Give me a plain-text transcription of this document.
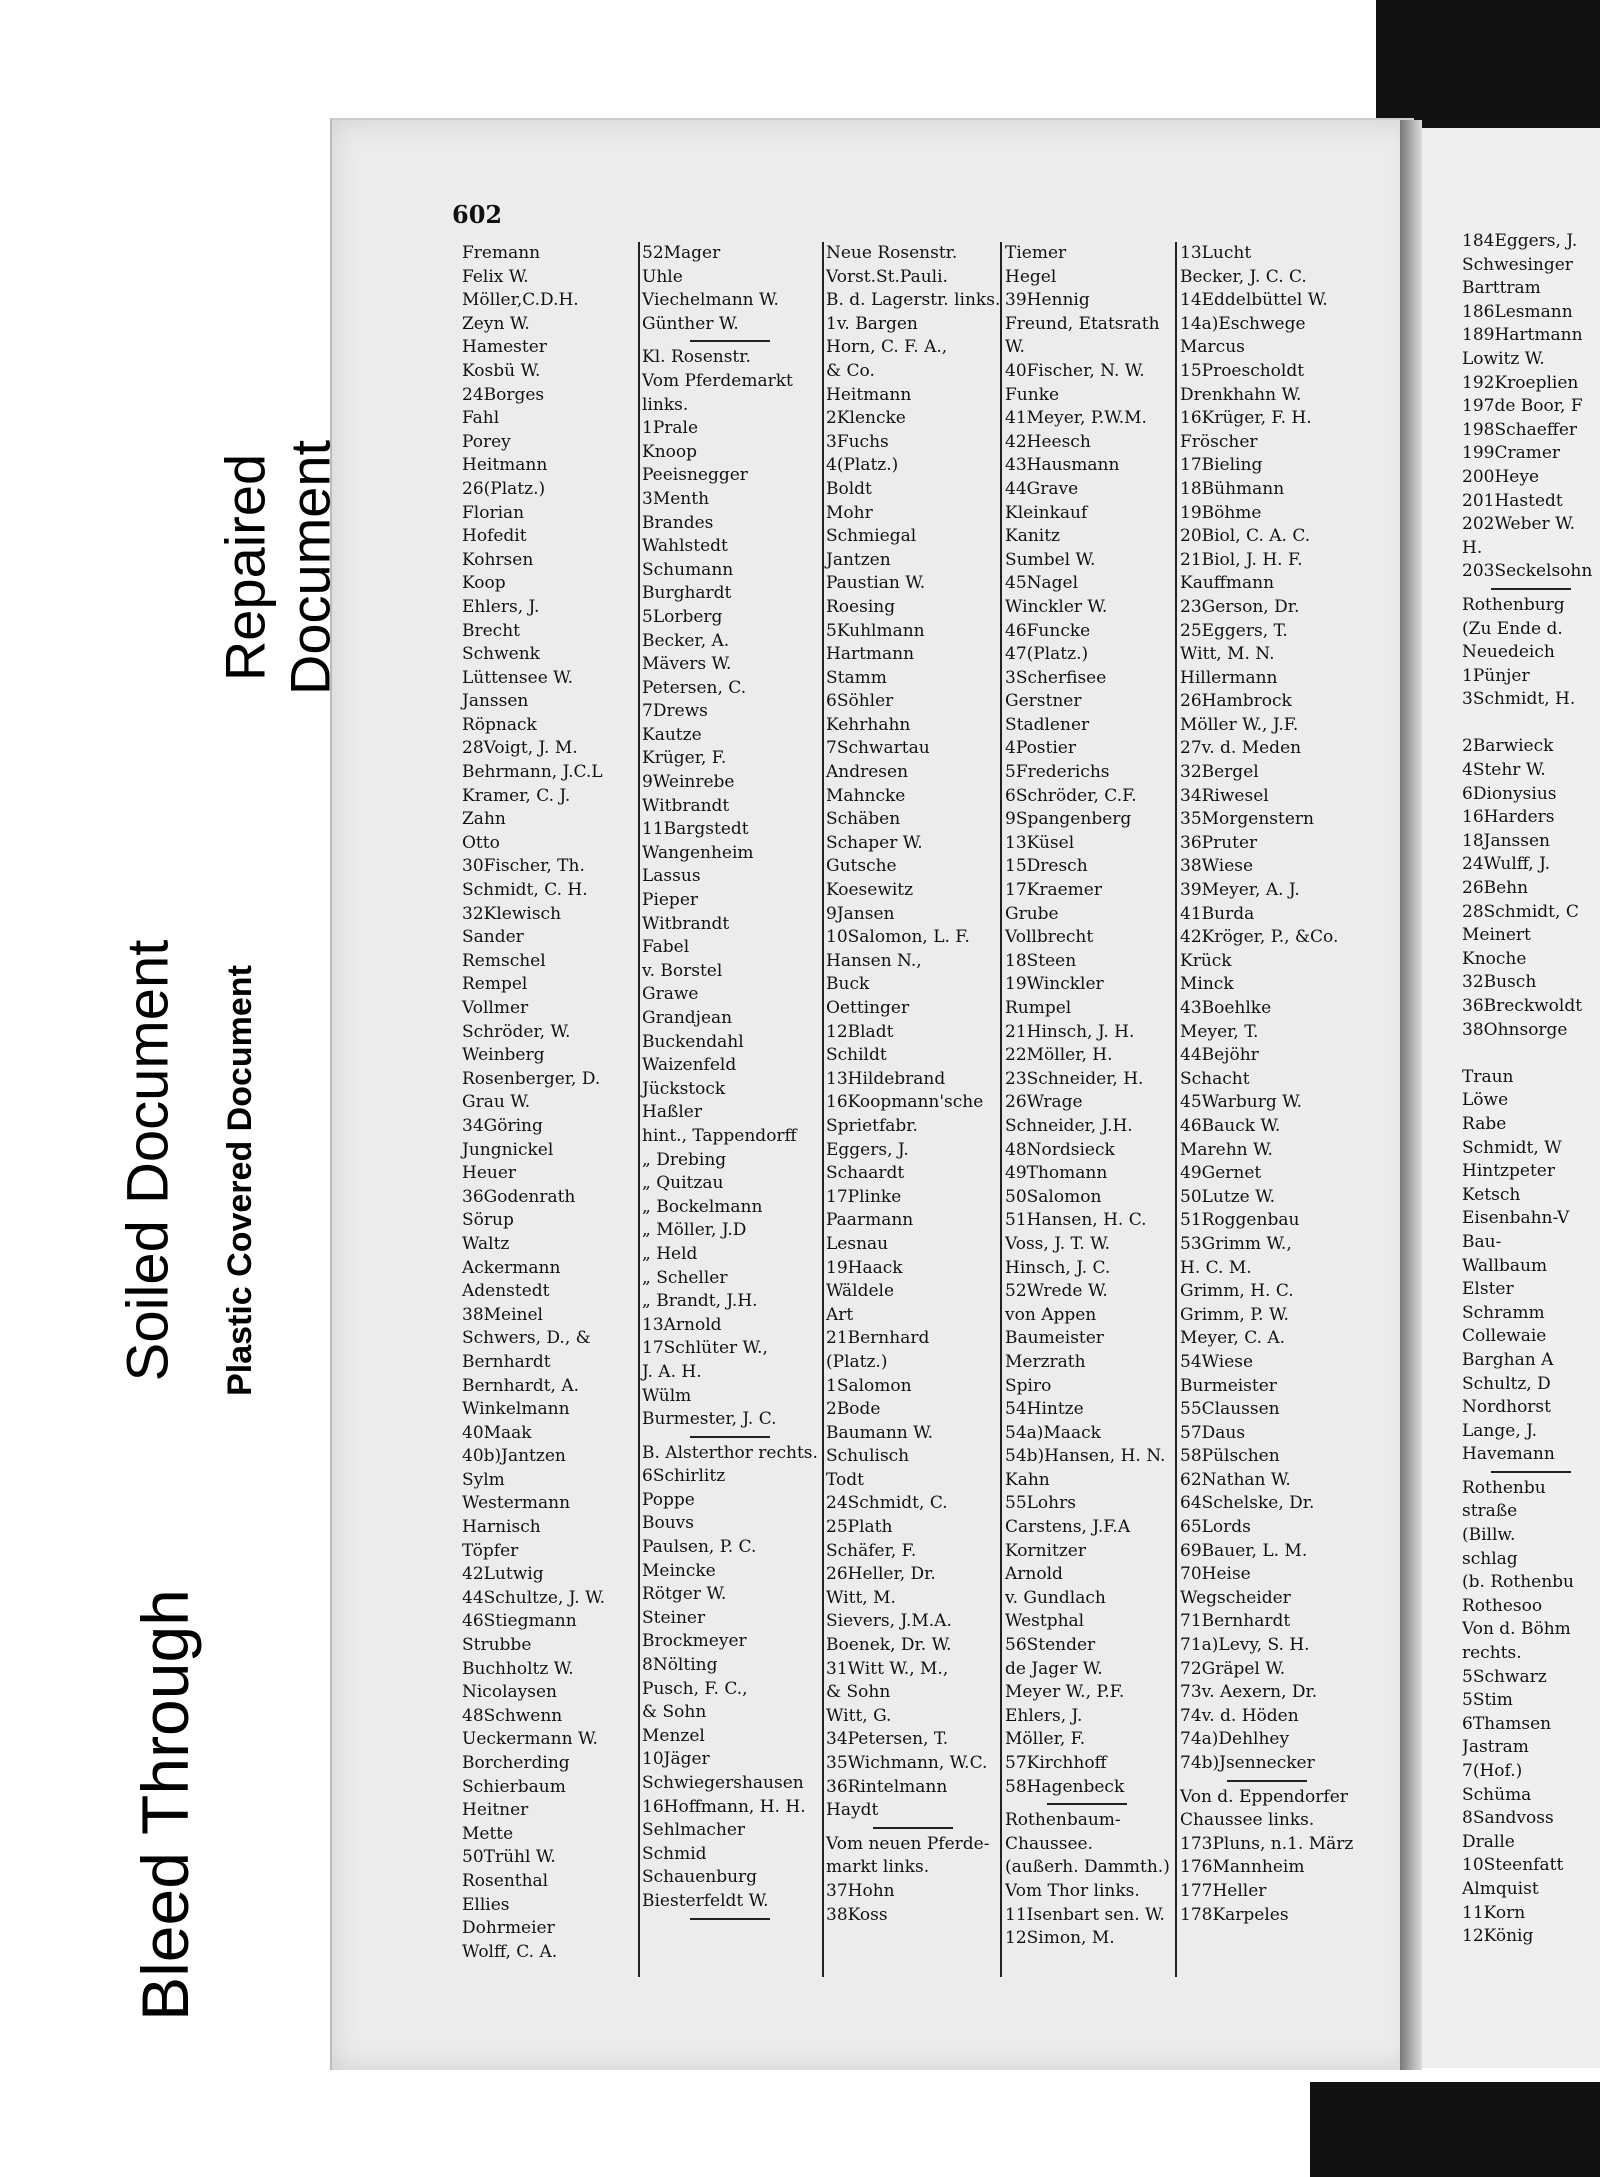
602
Fremann
Felix W.
Möller,C.D.H.
Zeyn W.
Hamester
Kosbü W.
24Borges
Fahl
Porey
Heitmann
26(Platz.)
Florian
Hofedit
Kohrsen
Koop
Ehlers, J.
Brecht
Schwenk
Lüttensee W.
Janssen
Röpnack
28Voigt, J. M.
Behrmann, J.C.L
Kramer, C. J.
Zahn
Otto
30Fischer, Th.
Schmidt, C. H.
32Klewisch
Sander
Remschel
Rempel
Vollmer
Schröder, W.
Weinberg
Rosenberger, D.
Grau W.
34Göring
Jungnickel
Heuer
36Godenrath
Sörup
Waltz
Ackermann
Adenstedt
38Meinel
Schwers, D., &
Bernhardt
Bernhardt, A.
Winkelmann
40Maak
40b)Jantzen
Sylm
Westermann
Harnisch
Töpfer
42Lutwig
44Schultze, J. W.
46Stiegmann
Strubbe
Buchholtz W.
Nicolaysen
48Schwenn
Ueckermann W.
Borcherding
Schierbaum
Heitner
Mette
50Trühl W.
Rosenthal
Ellies
Dohrmeier
Wolff, C. A.
52Mager
Uhle
Viechelmann W.
Günther W.
Kl. Rosenstr.
Vom Pferdemarkt
links.
1Prale
Knoop
Peeisnegger
3Menth
Brandes
Wahlstedt
Schumann
Burghardt
5Lorberg
Becker, A.
Mävers W.
Petersen, C.
7Drews
Kautze
Krüger, F.
9Weinrebe
Witbrandt
11Bargstedt
Wangenheim
Lassus
Pieper
Witbrandt
Fabel
v. Borstel
Grawe
Grandjean
Buckendahl
Waizenfeld
Jückstock
Haßler
hint., Tappendorff
„ Drebing
„ Quitzau
„ Bockelmann
„ Möller, J.D
„ Held
„ Scheller
„ Brandt, J.H.
13Arnold
17Schlüter W.,
J. A. H.
Wülm
Burmester, J. C.
B. Alsterthor rechts.
6Schirlitz
Poppe
Bouvs
Paulsen, P. C.
Meincke
Rötger W.
Steiner
Brockmeyer
8Nölting
Pusch, F. C.,
& Sohn
Menzel
10Jäger
Schwiegershausen
16Hoffmann, H. H.
Sehlmacher
Schmid
Schauenburg
Biesterfeldt W.
Neue Rosenstr.
Vorst.St.Pauli.
B. d. Lagerstr. links.
1v. Bargen
Horn, C. F. A.,
& Co.
Heitmann
2Klencke
3Fuchs
4(Platz.)
Boldt
Mohr
Schmiegal
Jantzen
Paustian W.
Roesing
5Kuhlmann
Hartmann
Stamm
6Söhler
Kehrhahn
7Schwartau
Andresen
Mahncke
Schäben
Schaper W.
Gutsche
Koesewitz
9Jansen
10Salomon, L. F.
Hansen N.,
Buck
Oettinger
12Bladt
Schildt
13Hildebrand
16Koopmann'sche
Sprietfabr.
Eggers, J.
Schaardt
17Plinke
Paarmann
Lesnau
19Haack
Wäldele
Art
21Bernhard
(Platz.)
1Salomon
2Bode
Baumann W.
Schulisch
Todt
24Schmidt, C.
25Plath
Schäfer, F.
26Heller, Dr.
Witt, M.
Sievers, J.M.A.
Boenek, Dr. W.
31Witt W., M.,
& Sohn
Witt, G.
34Petersen, T.
35Wichmann, W.C.
36Rintelmann
Haydt
Vom neuen Pferde-
markt links.
37Hohn
38Koss
Tiemer
Hegel
39Hennig
Freund, Etatsrath
W.
40Fischer, N. W.
Funke
41Meyer, P.W.M.
42Heesch
43Hausmann
44Grave
Kleinkauf
Kanitz
Sumbel W.
45Nagel
Winckler W.
46Funcke
47(Platz.)
3Scherfisee
Gerstner
Stadlener
4Postier
5Frederichs
6Schröder, C.F.
9Spangenberg
13Küsel
15Dresch
17Kraemer
Grube
Vollbrecht
18Steen
19Winckler
Rumpel
21Hinsch, J. H.
22Möller, H.
23Schneider, H.
26Wrage
Schneider, J.H.
48Nordsieck
49Thomann
50Salomon
51Hansen, H. C.
Voss, J. T. W.
Hinsch, J. C.
52Wrede W.
von Appen
Baumeister
Merzrath
Spiro
54Hintze
54a)Maack
54b)Hansen, H. N.
Kahn
55Lohrs
Carstens, J.F.A
Kornitzer
Arnold
v. Gundlach
Westphal
56Stender
de Jager W.
Meyer W., P.F.
Ehlers, J.
Möller, F.
57Kirchhoff
58Hagenbeck
Rothenbaum-
Chaussee.
(außerh. Dammth.)
Vom Thor links.
11Isenbart sen. W.
12Simon, M.
13Lucht
Becker, J. C. C.
14Eddelbüttel W.
14a)Eschwege
Marcus
15Proescholdt
Drenkhahn W.
16Krüger, F. H.
Fröscher
17Bieling
18Bühmann
19Böhme
20Biol, C. A. C.
21Biol, J. H. F.
Kauffmann
23Gerson, Dr.
25Eggers, T.
Witt, M. N.
Hillermann
26Hambrock
Möller W., J.F.
27v. d. Meden
32Bergel
34Riwesel
35Morgenstern
36Pruter
38Wiese
39Meyer, A. J.
41Burda
42Kröger, P., &Co.
Krück
Minck
43Boehlke
Meyer, T.
44Bejöhr
Schacht
45Warburg W.
46Bauck W.
Marehn W.
49Gernet
50Lutze W.
51Roggenbau
53Grimm W.,
H. C. M.
Grimm, H. C.
Grimm, P. W.
Meyer, C. A.
54Wiese
Burmeister
55Claussen
57Daus
58Pülschen
62Nathan W.
64Schelske, Dr.
65Lords
69Bauer, L. M.
70Heise
Wegscheider
71Bernhardt
71a)Levy, S. H.
72Gräpel W.
73v. Aexern, Dr.
74v. d. Höden
74a)Dehlhey
74b)Jsennecker
Von d. Eppendorfer
Chaussee links.
173Pluns, n.1. März
176Mannheim
177Heller
178Karpeles
184Eggers, J.
Schwesinger
Barttram
186Lesmann
189Hartmann
Lowitz W.
192Kroeplien
197de Boor, F
198Schaeffer
199Cramer
200Heye
201Hastedt
202Weber W.
H.
203Seckelsohn
Rothenburg
(Zu Ende d.
Neuedeich
1Pünjer
3Schmidt, H.

2Barwieck
4Stehr W.
6Dionysius
16Harders
18Janssen
24Wulff, J.
26Behn
28Schmidt, C
Meinert
Knoche
32Busch
36Breckwoldt
38Ohnsorge

Traun
Löwe
Rabe
Schmidt, W
Hintzpeter
Ketsch
Eisenbahn-V
Bau-
Wallbaum
Elster
Schramm
Collewaie
Barghan A
Schultz, D
Nordhorst
Lange, J.
Havemann
Rothenbu
straße
(Billw.
schlag
(b. Rothenbu
Rothesoo
Von d. Böhm
rechts.
5Schwarz
5Stim
6Thamsen
Jastram
7(Hof.)
Schüma
8Sandvoss
Dralle
10Steenfatt
Almquist
11Korn
12König
Repaired Document
Soiled Document Plastic Covered Document
Bleed Through
